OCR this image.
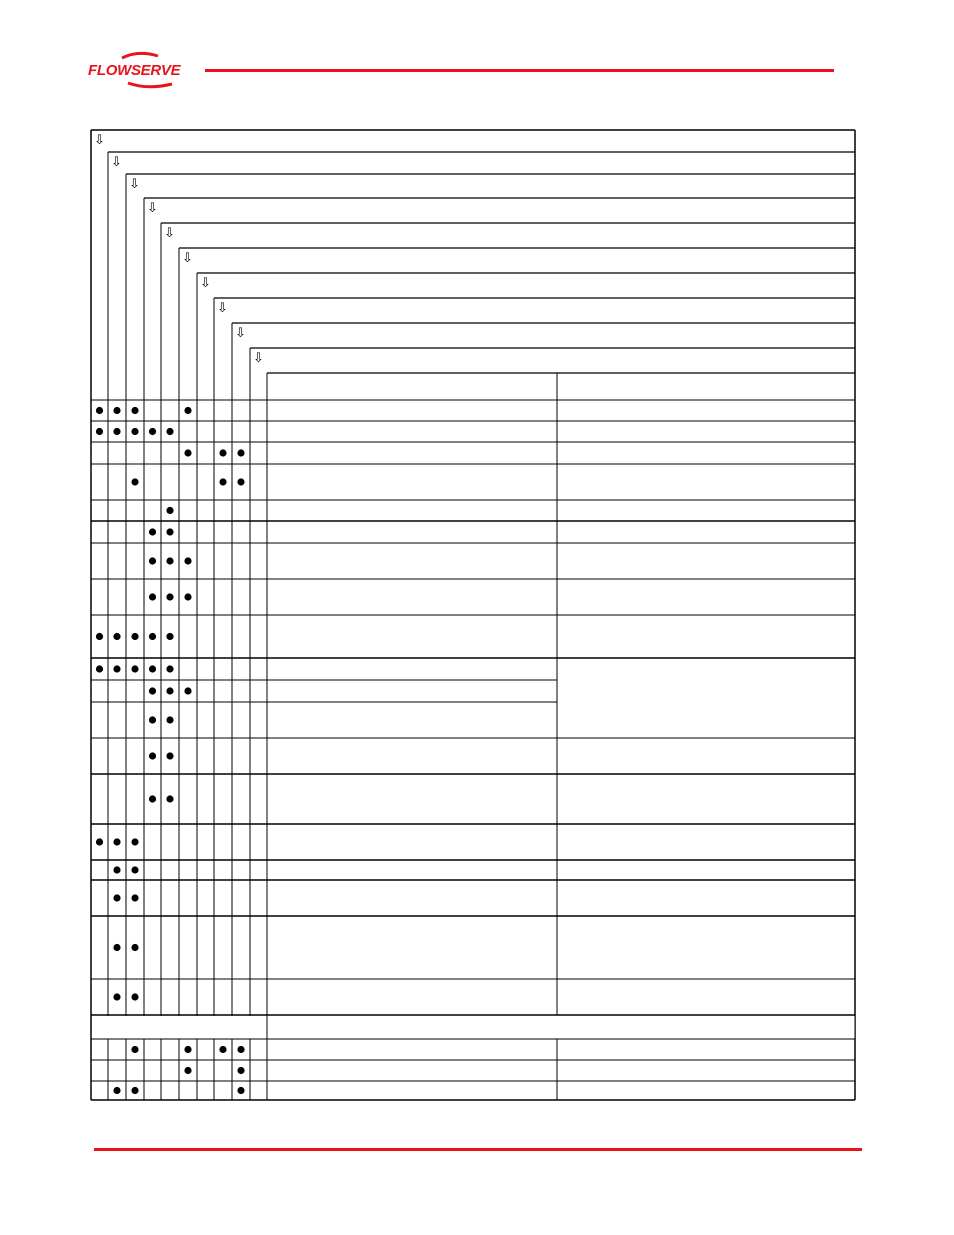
FLOWSERVE
⇩
⇩
⇩
⇩
⇩
⇩
⇩
⇩
⇩
⇩
